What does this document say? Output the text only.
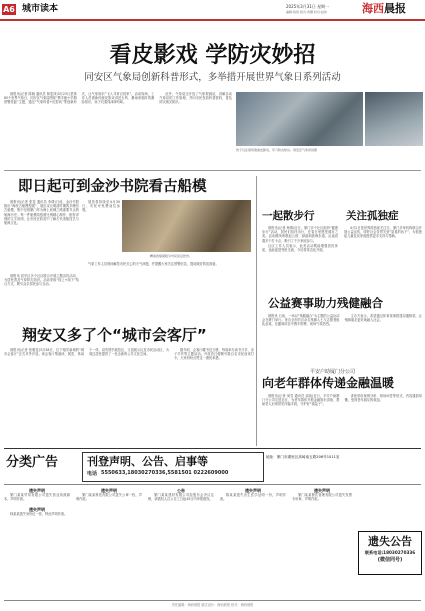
A6 城市读本	2025年3月31日 星期一
编辑:杨悦 版式:何娜 校对:赵伟	海西晨报
看皮影戏 学防灾妙招
同安区气象局创新科普形式，多举措开展世界气象日系列活动

晨报讯(记者 陈晓 通讯员 林雯萍)3月23日是第65个世界气象日，同安区气象局围绕“携手缩小早期预警差距”主题，通过“气象科普+皮影戏”等创新形式，让气象知识“飞入寻常百姓家”。活动现场，工作人员借助传统皮影戏讲述台风、暴雨来临时的避险知识，孩子们看得津津有味。

此外，气象局还开放了气象观测站，讲解自动气象站的工作原理，并向市民发放科普资料，普及防灾减灾知识。

孩子们在现场观看皮影戏，学习防灾知识。同安区气象局供图
即日起可到金沙书院看古船模

晨报讯(记者 张雯 通讯员 李倩)日前，金沙书院推出“海丝古船模型展”，展出宋元明清时期的多艘仿古船模，集中呈现厦门作为海上丝绸之路重要节点的航海历史。每一件船模均按照比例精心制作，配有详细的文字说明，让市民在欣赏中了解古代造船技艺与航海文化。

展览将持续至4月30日，市民可免费前往参观。

精美的船模吸引市民驻足欣赏。

晨报讯 同安区多个社区联合开展主题宣传活动，为居民普及气象防灾知识。活动采取“线上+线下”结合方式，吸引众多居民参与互动。

气象工作人员现场解答市民关心的天气问题，并提醒大家关注预警信息，提前做好防范准备。

翔安又多了个“城市会客厅”

晨报讯(记者 张雅雯)3月28日，位于翔安新城的“城市会客厅”正式对外开放。该会客厅集阅读、展览、休闲于一体，设有图书阅览区、文创展示区及市民活动区，为周边居民提供了一处全新的公共文化空间。

据介绍，会客厅藏书近万册，每周举办读书分享、亲子手作等主题活动。开放首日便吸引数百名市民前来打卡，大家纷纷点赞这一惠民举措。

一起散步行

晨报讯(记者 杨倩)近日，厦门多个社区组织“健康步行”活动，居民们结伴出行，在春日里感受城市之美。活动路线串联起公园、绿道和滨海步道，沿途设置多个打卡点，吸引了不少家庭参与。

社区工作人员表示，此类活动既能增强居民体质，也能促进邻里交流，今后将常态化开展。

关注孤独症

4月2日是世界孤独症关注日，厦门多家机构联合开展公益宣传，呼吁社会各界关爱“星星的孩子”，为孤独症儿童及其家庭提供更多支持与帮助。

公益赛事助力残健融合

晨报讯 日前，一场以“残健融合”为主题的公益运动会在厦门举行。来自全市的百余名残障人士与志愿者组队参赛，在趣味项目中携手拼搏，现场气氛热烈。

主办方表示，希望通过体育赛事搭建沟通桥梁，让残障朋友更好地融入社会。

平安户助厦门分公司
向老年群体传递金融温暖

晨报讯(记者 何雪 通讯员 邵蓓)近日，平安户助厦门分公司走进社区，为老年群体开展金融知识讲座，帮助老人识别常见诈骗手段，守护好“钱袋子”。

讲座采用案例分析、现场问答等形式，内容通俗易懂，受到老年朋友的欢迎。

分类广告	刊登声明、公告、启事等
电话 5550633,18030270336,5581501 0222609000
地址：厦门市湖里区高崎南五路206号1011室
遗失声明

厦门某某贸易有限公司遗失营业执照副本，声明作废。

遗失声明

林某某遗失身份证一张，特此声明作废。

遗失声明

厦门某某科技有限公司遗失公章一枚，声明作废。

公告

厦门某某建材有限公司经股东会决议注销，请债权人自公告之日起45日内申报债权。

遗失声明

陈某某遗失出生医学证明一份，声明作废。

遗失声明

厦门某某餐饮管理有限公司遗失发票专用章，声明作废。

遗失公告
联系电话:18030270336
(微信同号)
责任编辑：海西晨报 版式设计：海西晨报 校对：海西晨报
